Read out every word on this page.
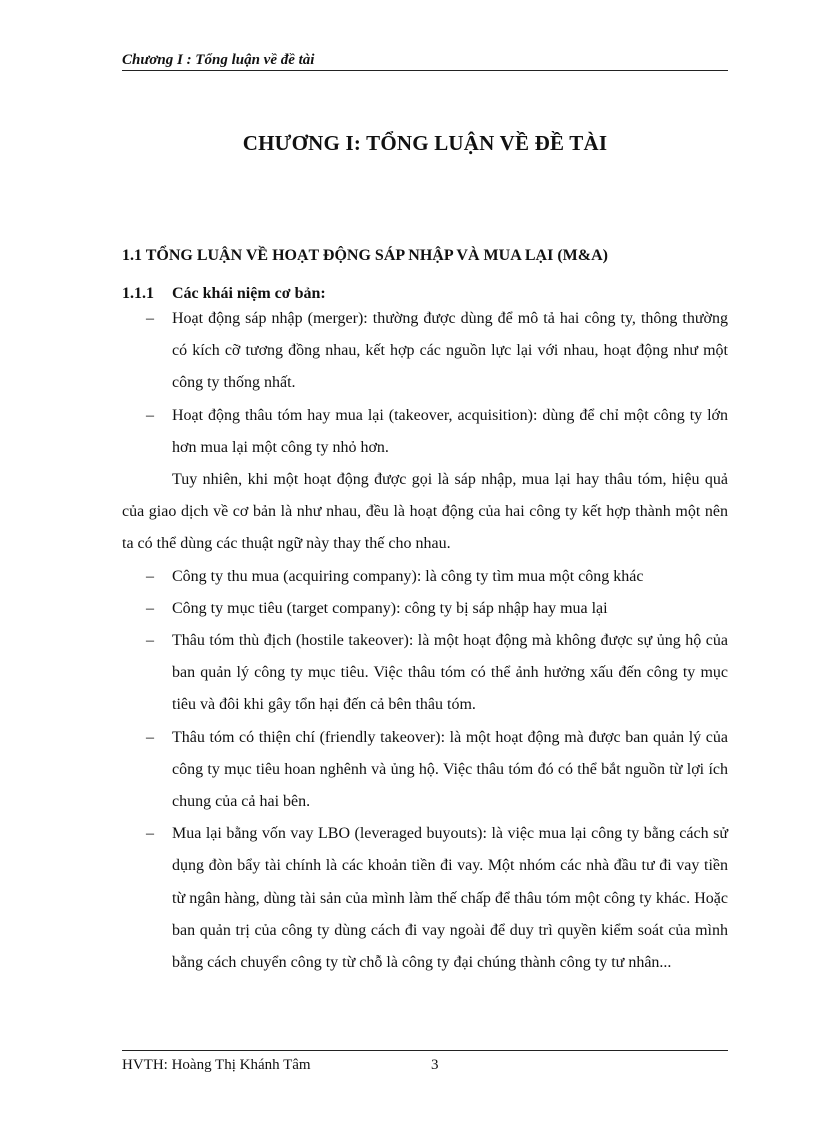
Chương I : Tổng luận về đề tài
CHƯƠNG I: TỔNG LUẬN VỀ ĐỀ TÀI
1.1 TỔNG LUẬN VỀ HOẠT ĐỘNG SÁP NHẬP VÀ MUA LẠI (M&A)
1.1.1 Các khái niệm cơ bản:
– Hoạt động sáp nhập (merger): thường được dùng để mô tả hai công ty, thông thường có kích cỡ tương đồng nhau, kết hợp các nguồn lực lại với nhau, hoạt động như một công ty thống nhất.
– Hoạt động thâu tóm hay mua lại (takeover, acquisition): dùng để chỉ một công ty lớn hơn mua lại một công ty nhỏ hơn.
Tuy nhiên, khi một hoạt động được gọi là sáp nhập, mua lại hay thâu tóm, hiệu quả của giao dịch về cơ bản là như nhau, đều là hoạt động của hai công ty kết hợp thành một nên ta có thể dùng các thuật ngữ này thay thế cho nhau.
– Công ty thu mua (acquiring company): là công ty tìm mua một công khác
– Công ty mục tiêu (target company): công ty bị sáp nhập hay mua lại
– Thâu tóm thù địch (hostile takeover): là một hoạt động mà không được sự ủng hộ của ban quản lý công ty mục tiêu. Việc thâu tóm có thể ảnh hưởng xấu đến công ty mục tiêu và đôi khi gây tổn hại đến cả bên thâu tóm.
– Thâu tóm có thiện chí (friendly takeover): là một hoạt động mà được ban quản lý của công ty mục tiêu hoan nghênh và ủng hộ. Việc thâu tóm đó có thể bắt nguồn từ lợi ích chung của cả hai bên.
– Mua lại bằng vốn vay LBO (leveraged buyouts): là việc mua lại công ty bằng cách sử dụng đòn bẩy tài chính là các khoản tiền đi vay. Một nhóm các nhà đầu tư đi vay tiền từ ngân hàng, dùng tài sản của mình làm thế chấp để thâu tóm một công ty khác. Hoặc ban quản trị của công ty dùng cách đi vay ngoài để duy trì quyền kiểm soát của mình bằng cách chuyển công ty từ chỗ là công ty đại chúng thành công ty tư nhân...
HVTH: Hoàng Thị Khánh Tâm	3
